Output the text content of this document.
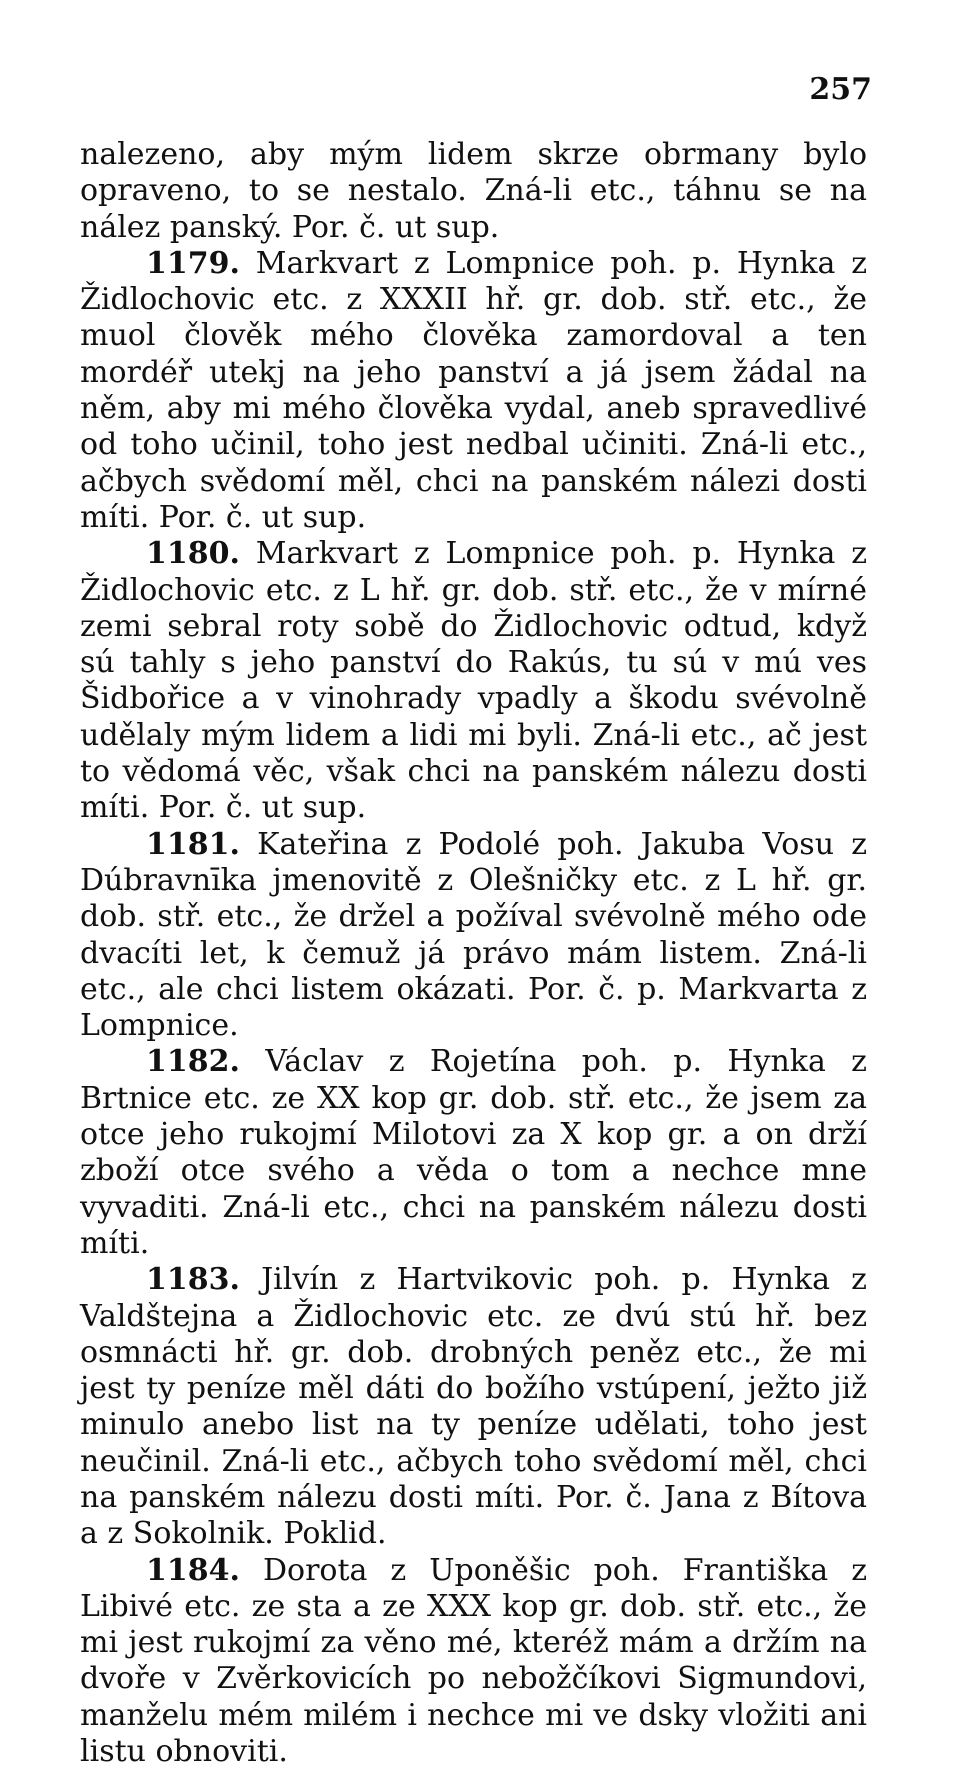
257

nalezeno, aby mým lidem skrze obrmany bylo opraveno, to se nestalo. Zná-li etc., táhnu se na nález panský. Por. č. ut sup.

1179. Markvart z Lompnice poh. p. Hynka z Židlochovic etc. z XXXII hř. gr. dob. stř. etc., že muol člověk mého člověka zamordoval a ten mordéř utekj na jeho panství a já jsem žádal na něm, aby mi mého člověka vydal, aneb spravedlivé od toho učinil, toho jest nedbal učiniti. Zná-li etc., ačbych svědomí měl, chci na panském nálezi dosti míti. Por. č. ut sup.

1180. Markvart z Lompnice poh. p. Hynka z Židlochovic etc. z L hř. gr. dob. stř. etc., že v mírné zemi sebral roty sobě do Židlochovic odtud, když sú tahly s jeho panství do Rakús, tu sú v mú ves Šidbořice a v vinohrady vpadly a škodu svévolně udělaly mým lidem a lidi mi byli. Zná-li etc., ač jest to vědomá věc, však chci na panském nálezu dosti míti. Por. č. ut sup.

1181. Kateřina z Podolé poh. Jakuba Vosu z Dúbravnīka jmenovitě z Olešničky etc. z L hř. gr. dob. stř. etc., že držel a požíval svévolně mého ode dvacíti let, k čemuž já právo mám listem. Zná-li etc., ale chci listem okázati. Por. č. p. Markvarta z Lompnice.

1182. Václav z Rojetína poh. p. Hynka z Brtnice etc. ze XX kop gr. dob. stř. etc., že jsem za otce jeho rukojmí Milotovi za X kop gr. a on drží zboží otce svého a věda o tom a nechce mne vyvaditi. Zná-li etc., chci na panském nálezu dosti míti.

1183. Jilvín z Hartvikovic poh. p. Hynka z Valdštejna a Židlochovic etc. ze dvú stú hř. bez osmnácti hř. gr. dob. drobných peněz etc., že mi jest ty peníze měl dáti do božího vstúpení, ježto již minulo anebo list na ty peníze udělati, toho jest neučinil. Zná-li etc., ačbych toho svědomí měl, chci na panském nálezu dosti míti. Por. č. Jana z Bítova a z Sokolnik. Poklid.

1184. Dorota z Uponěšic poh. Františka z Libivé etc. ze sta a ze XXX kop gr. dob. stř. etc., že mi jest rukojmí za věno mé, kteréž mám a držím na dvoře v Zvěrkovicích po nebožčíkovi Sigmundovi, manželu mém milém i nechce mi ve dsky vložiti ani listu obnoviti.
